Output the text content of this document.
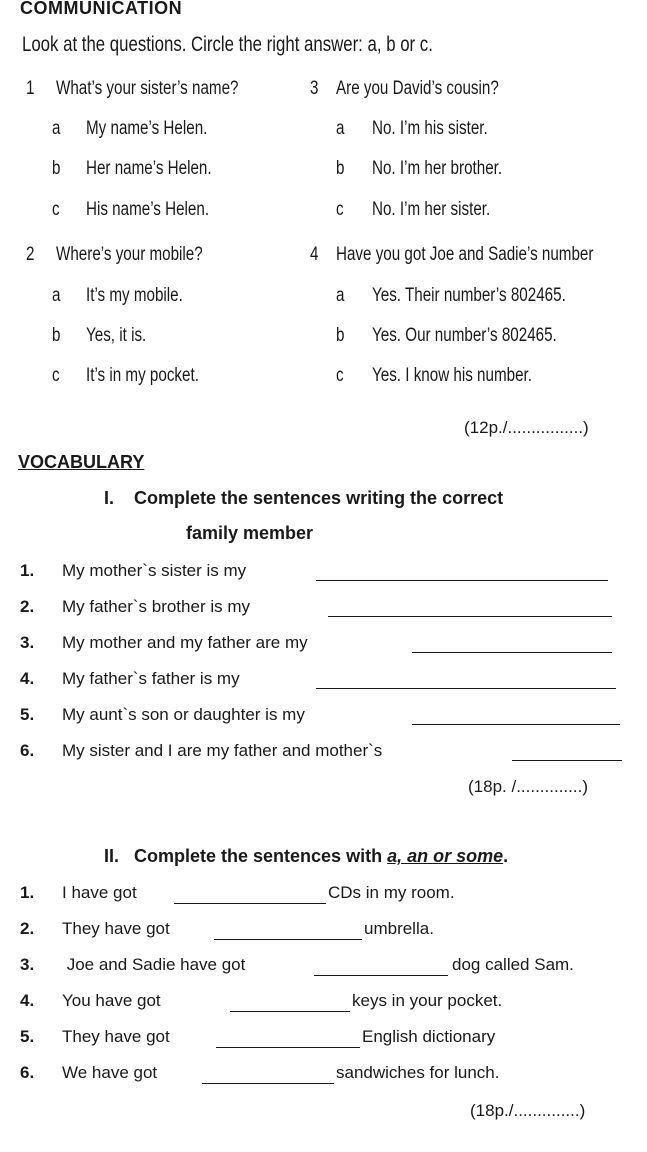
COMMUNICATION
Look at the questions. Circle the right answer: a, b or c.
1 What’s your sister’s name?
a My name’s Helen.
b Her name’s Helen.
c His name’s Helen.
3 Are you David’s cousin?
a No. I’m his sister.
b No. I’m her brother.
c No. I’m her sister.
2 Where’s your mobile?
a It’s my mobile.
b Yes, it is.
c It’s in my pocket.
4 Have you got Joe and Sadie’s number
a Yes. Their number’s 802465.
b Yes. Our number’s 802465.
c Yes. I know his number.
(12p./................)
VOCABULARY
I.    Complete the sentences writing the correct
family member
1. My mother`s sister is my
2. My father`s brother is my
3. My mother and my father are my
4. My father`s father is my
5. My aunt`s son or daughter is my
6. My sister and I are my father and mother`s
(18p. /..............)
II.   Complete the sentences with a, an or some.
1. I have got	CDs in my room.
2. They have got	umbrella.
3. Joe and Sadie have got	dog called Sam.
4. You have got	keys in your pocket.
5. They have got	English dictionary
6. We have got	sandwiches for lunch.
(18p./..............)
